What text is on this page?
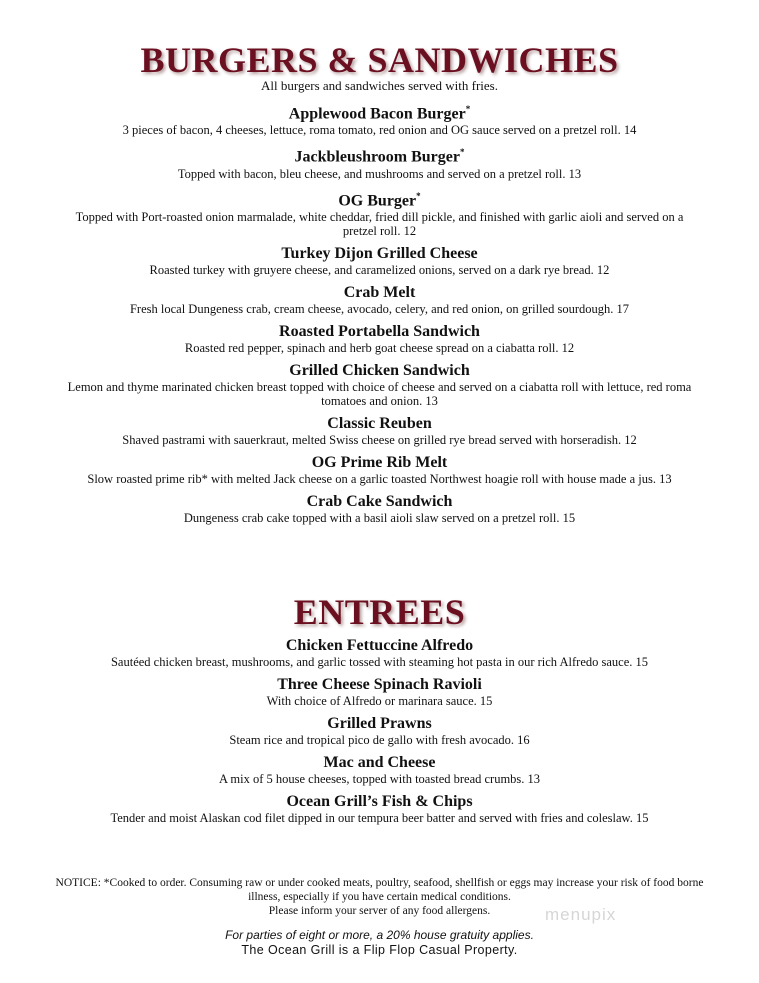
BURGERS & SANDWICHES
All burgers and sandwiches served with fries.
Applewood Bacon Burger*
3 pieces of bacon, 4 cheeses, lettuce, roma tomato, red onion and OG sauce served on a pretzel roll. 14
Jackbleushroom Burger*
Topped with bacon, bleu cheese, and mushrooms and served on a pretzel roll. 13
OG Burger*
Topped with Port-roasted onion marmalade, white cheddar, fried dill pickle, and finished with garlic aioli and served on a pretzel roll. 12
Turkey Dijon Grilled Cheese
Roasted turkey with gruyere cheese, and caramelized onions, served on a dark rye bread. 12
Crab Melt
Fresh local Dungeness crab, cream cheese, avocado, celery, and red onion, on grilled sourdough. 17
Roasted Portabella Sandwich
Roasted red pepper, spinach and herb goat cheese spread on a ciabatta roll. 12
Grilled Chicken Sandwich
Lemon and thyme marinated chicken breast topped with choice of cheese and served on a ciabatta roll with lettuce, red roma tomatoes and onion. 13
Classic Reuben
Shaved pastrami with sauerkraut, melted Swiss cheese on grilled rye bread served with horseradish. 12
OG Prime Rib Melt
Slow roasted prime rib* with melted Jack cheese on a garlic toasted Northwest hoagie roll with house made a jus. 13
Crab Cake Sandwich
Dungeness crab cake topped with a basil aioli slaw served on a pretzel roll. 15
ENTREES
Chicken Fettuccine Alfredo
Sautéed chicken breast, mushrooms, and garlic tossed with steaming hot pasta in our rich Alfredo sauce. 15
Three Cheese Spinach Ravioli
With choice of Alfredo or marinara sauce. 15
Grilled Prawns
Steam rice and tropical pico de gallo with fresh avocado. 16
Mac and Cheese
A mix of 5 house cheeses, topped with toasted bread crumbs. 13
Ocean Grill’s Fish & Chips
Tender and moist Alaskan cod filet dipped in our tempura beer batter and served with fries and coleslaw. 15
NOTICE: *Cooked to order. Consuming raw or under cooked meats, poultry, seafood, shellfish or eggs may increase your risk of food borne illness, especially if you have certain medical conditions.
Please inform your server of any food allergens.
For parties of eight or more, a 20% house gratuity applies.
The Ocean Grill is a Flip Flop Casual Property.
menupix
